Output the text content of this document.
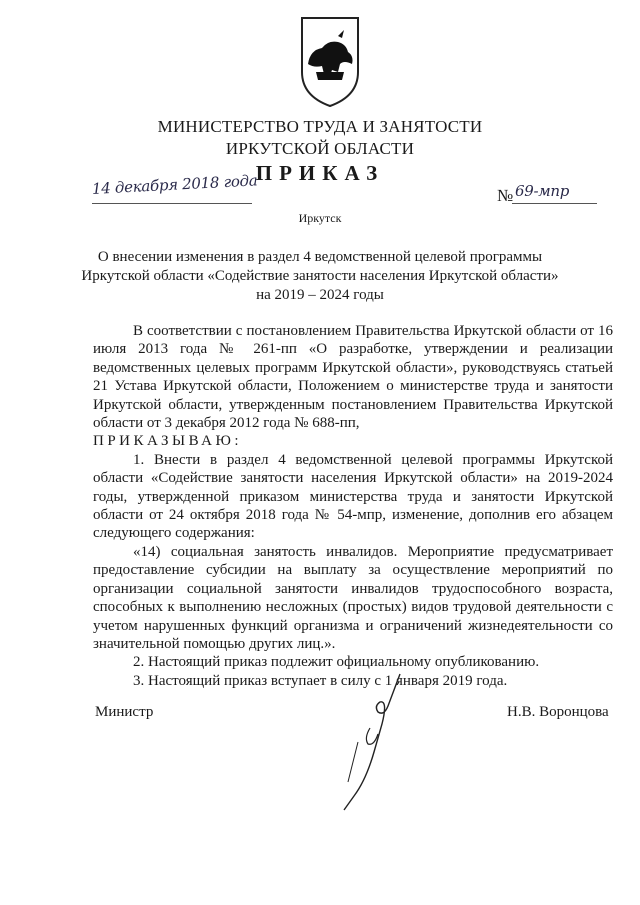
МИНИСТЕРСТВО ТРУДА И ЗАНЯТОСТИ
ИРКУТСКОЙ ОБЛАСТИ
ПРИКАЗ
14 декабря 2018 года	№ 69-мпр
Иркутск
О внесении изменения в раздел 4 ведомственной целевой программы
Иркутской области «Содействие занятости населения Иркутской области»
на 2019 – 2024 годы

В соответствии с постановлением Правительства Иркутской области от 16 июля 2013 года № 261-пп «О разработке, утверждении и реализации ведомственных целевых программ Иркутской области», руководствуясь статьей 21 Устава Иркутской области, Положением о министерстве труда и занятости Иркутской области, утвержденным постановлением Правительства Иркутской области от 3 декабря 2012 года № 688-пп,

ПРИКАЗЫВАЮ:

1. Внести в раздел 4 ведомственной целевой программы Иркутской области «Содействие занятости населения Иркутской области» на 2019-2024 годы, утвержденной приказом министерства труда и занятости Иркутской области от 24 октября 2018 года № 54-мпр, изменение, дополнив его абзацем следующего содержания:

«14) социальная занятость инвалидов. Мероприятие предусматривает предоставление субсидии на выплату за осуществление мероприятий по организации социальной занятости инвалидов трудоспособного возраста, способных к выполнению несложных (простых) видов трудовой деятельности с учетом нарушенных функций организма и ограничений жизнедеятельности со значительной помощью других лиц.».

2. Настоящий приказ подлежит официальному опубликованию.

3. Настоящий приказ вступает в силу с 1 января 2019 года.

Министр	Н.В. Воронцова
